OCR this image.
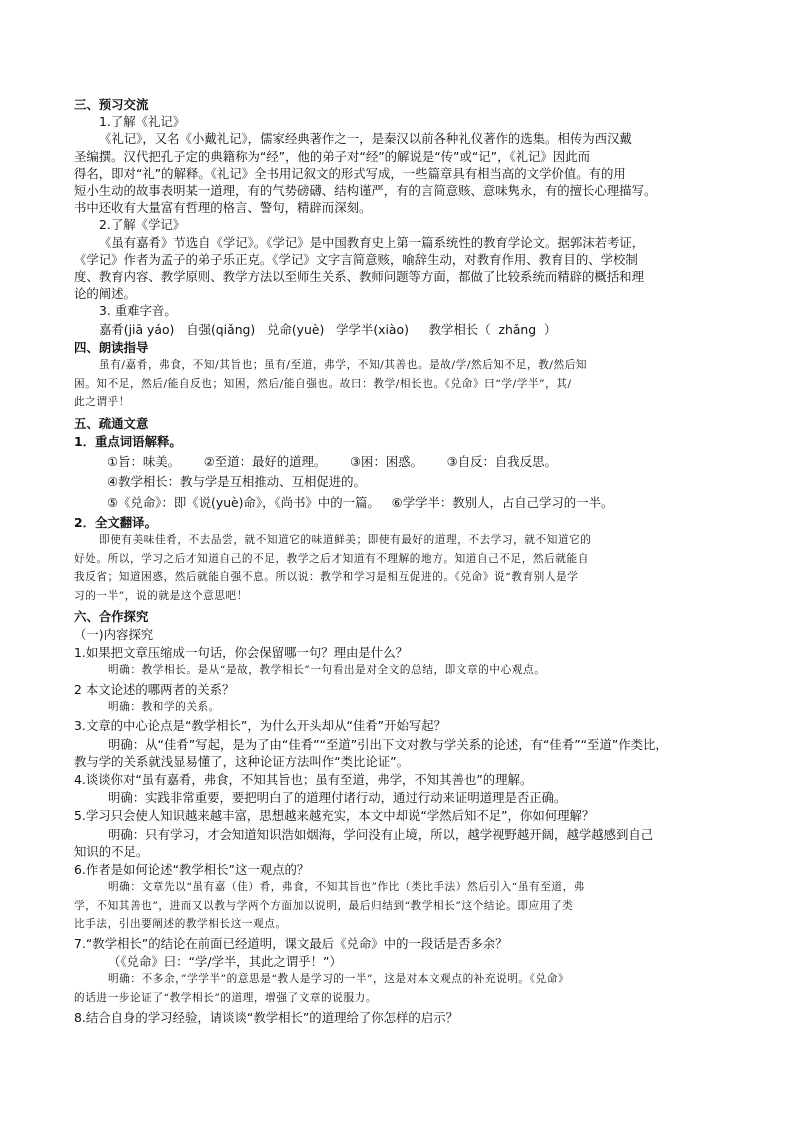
三、预习交流
1.了解《礼记》
《礼记》，又名《小戴礼记》，儒家经典著作之一，是秦汉以前各种礼仪著作的选集。相传为西汉戴
圣编撰。汉代把孔子定的典籍称为“经”，他的弟子对“经”的解说是“传”或“记”，《礼记》因此而
得名，即对“礼”的解释。《礼记》全书用记叙文的形式写成，一些篇章具有相当高的文学价值。有的用
短小生动的故事表明某一道理，有的气势磅礴、结构谨严，有的言简意赅、意味隽永，有的擅长心理描写。
书中还收有大量富有哲理的格言、警句，精辟而深刻。
2.了解《学记》
《虽有嘉肴》节选自《学记》。《学记》是中国教育史上第一篇系统性的教育学论文。据郭沫若考证，
《学记》作者为孟子的弟子乐正克。《学记》文字言简意赅，喻辞生动，对教育作用、教育目的、学校制
度、教育内容、教学原则、教学方法以至师生关系、教师问题等方面，都做了比较系统而精辟的概括和理
论的阐述。
3. 重难字音。
嘉肴(jiā yáo)   自强(qiǎng)   兑命(yuè)   学学半(xiào)     教学相长（  zhǎng  ）
四、朗读指导
虽有/嘉肴，弗食，不知/其旨也；虽有/至道，弗学，不知/其善也。是故/学/然后知不足，教/然后知
困。知不足，然后/能自反也；知困，然后/能自强也。故曰：教学/相长也。《兑命》曰“学/学半”，其/
此之谓乎！
五、疏通文意
1．重点词语解释。
①旨：味美。      ②至道：最好的道理。      ③困：困惑。      ③自反：自我反思。
④教学相长：教与学是互相推动、互相促进的。
⑤《兑命》：即《说(yuè)命》，《尚书》中的一篇。   ⑥学学半：教别人，占自己学习的一半。
2．全文翻译。
即使有美味佳肴，不去品尝，就不知道它的味道鲜美；即使有最好的道理，不去学习，就不知道它的
好处。所以，学习之后才知道自己的不足，教学之后才知道有不理解的地方。知道自己不足，然后就能自
我反省；知道困惑，然后就能自强不息。所以说：教学和学习是相互促进的。《兑命》说“教育别人是学
习的一半”，说的就是这个意思吧！
六、合作探究
（一)内容探究
1.如果把文章压缩成一句话，你会保留哪一句？理由是什么？
明确：教学相长。是从“是故，教学相长”一句看出是对全文的总结，即文章的中心观点。
2 本文论述的哪两者的关系？
明确：教和学的关系。
3.文章的中心论点是“教学相长”，为什么开头却从“佳肴”开始写起？
明确：从“佳肴”写起，是为了由“佳肴”“至道”引出下文对教与学关系的论述，有“佳肴”“至道”作类比，
教与学的关系就浅显易懂了，这种论证方法叫作“类比论证”。
4.谈谈你对“虽有嘉肴，弗食，不知其旨也；虽有至道，弗学，不知其善也”的理解。
明确：实践非常重要，要把明白了的道理付诸行动，通过行动来证明道理是否正确。
5.学习只会使人知识越来越丰富，思想越来越充实，本文中却说“学然后知不足”，你如何理解？
明确：只有学习，才会知道知识浩如烟海，学问没有止境，所以，越学视野越开阔，越学越感到自己
知识的不足。
6.作者是如何论述“教学相长”这一观点的？
明确：文章先以“虽有嘉（佳）肴，弗食，不知其旨也”作比（类比手法）然后引入“虽有至道，弗
学，不知其善也”，进而又以教与学两个方面加以说明，最后归结到“教学相长”这个结论。即应用了类
比手法，引出要阐述的教学相长这一观点。
7.“教学相长”的结论在前面已经道明，课文最后《兑命》中的一段话是否多余？
（《兑命》曰：“学/学半，其此之谓乎！”）
明确：不多余，”学学半”的意思是“教人是学习的一半”，这是对本文观点的补充说明。《兑命》
的话进一步论证了“教学相长”的道理，增强了文章的说服力。
8.结合自身的学习经验，请谈谈“教学相长”的道理给了你怎样的启示？
